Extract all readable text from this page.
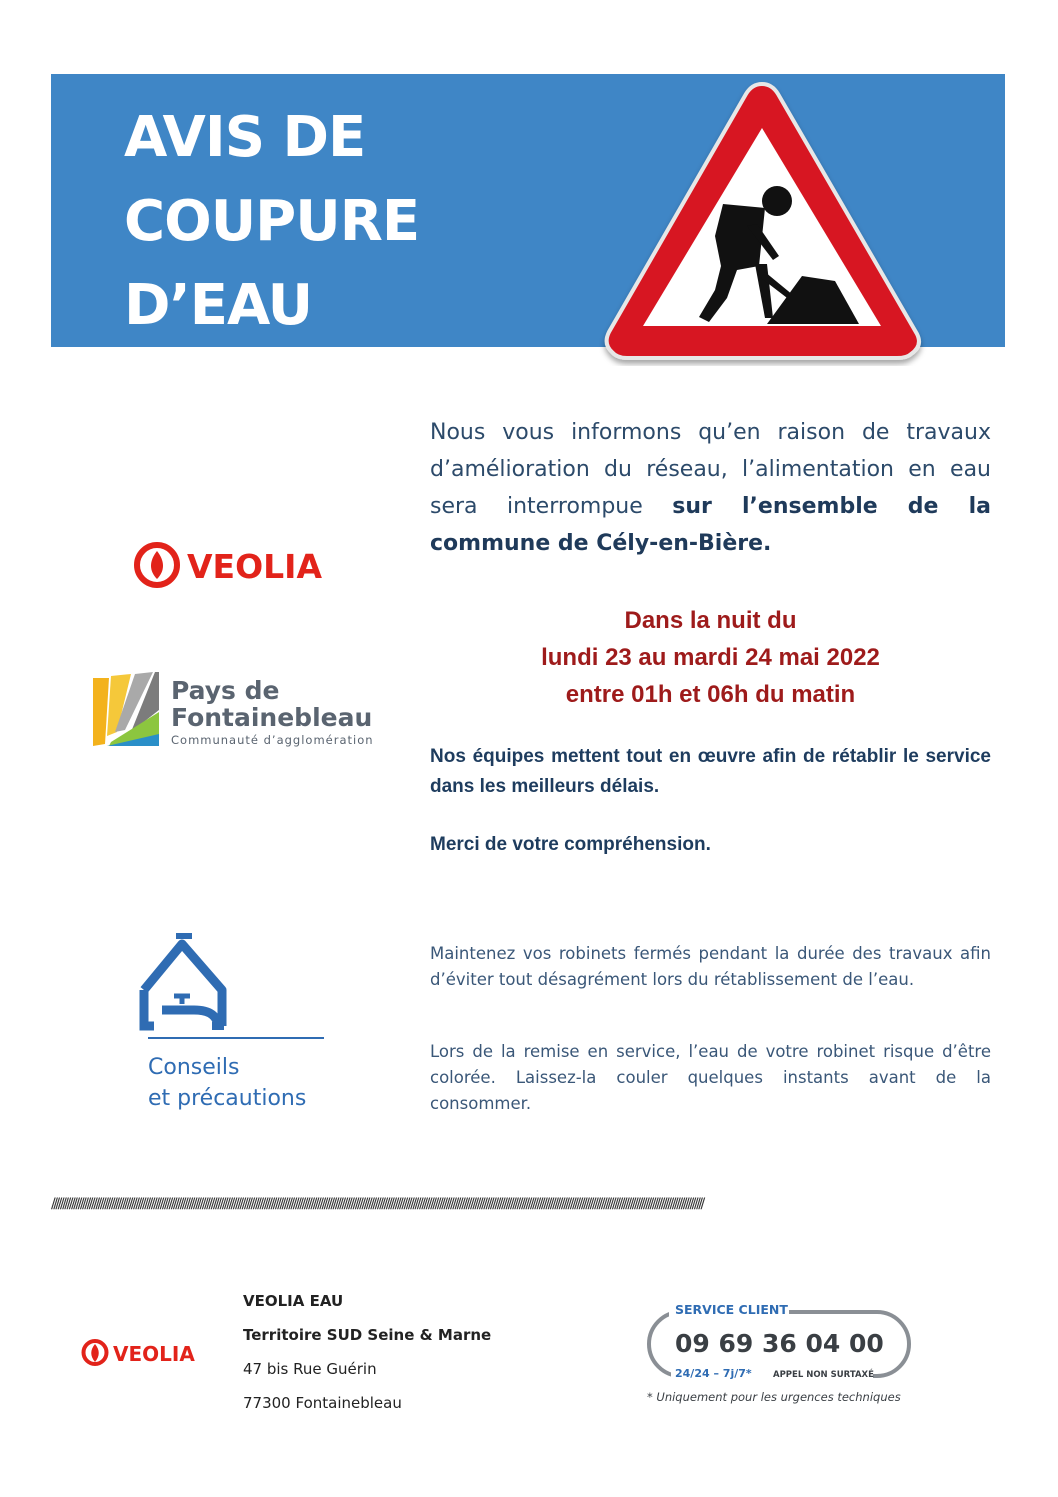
AVIS DE
COUPURE
D’EAU
Nous vous informons qu’en raison de travaux d’amélioration du réseau, l’alimentation en eau sera interrompue sur l’ensemble de la commune de Cély-en-Bière.
Dans la nuit du
lundi 23 au mardi 24 mai 2022
entre 01h et 06h du matin
Nos équipes mettent tout en œuvre afin de rétablir le service dans les meilleurs délais.
Merci de votre compréhension.
Maintenez vos robinets fermés pendant la durée des travaux afin d’éviter tout désagrément lors du rétablissement de l’eau.
Lors de la remise en service, l’eau de votre robinet risque d’être colorée. Laissez-la couler quelques instants avant de la consommer.
VEOLIA
Pays de
Fontainebleau
Communauté d’agglomération
Conseils
et précautions
//////////////////////////////////////////////////////////////////////////////////////////////////////////////////////////////////////////////////////////////////////////////////////////////////////////////////////////////////////////////////////////////////////////////////////////////////////
VEOLIA
VEOLIA EAU
Territoire SUD Seine & Marne
47 bis Rue Guérin
77300 Fontainebleau
SERVICE CLIENT
09 69 36 04 00
24/24 – 7j/7*	APPEL NON SURTAXÉ
* Uniquement pour les urgences techniques
